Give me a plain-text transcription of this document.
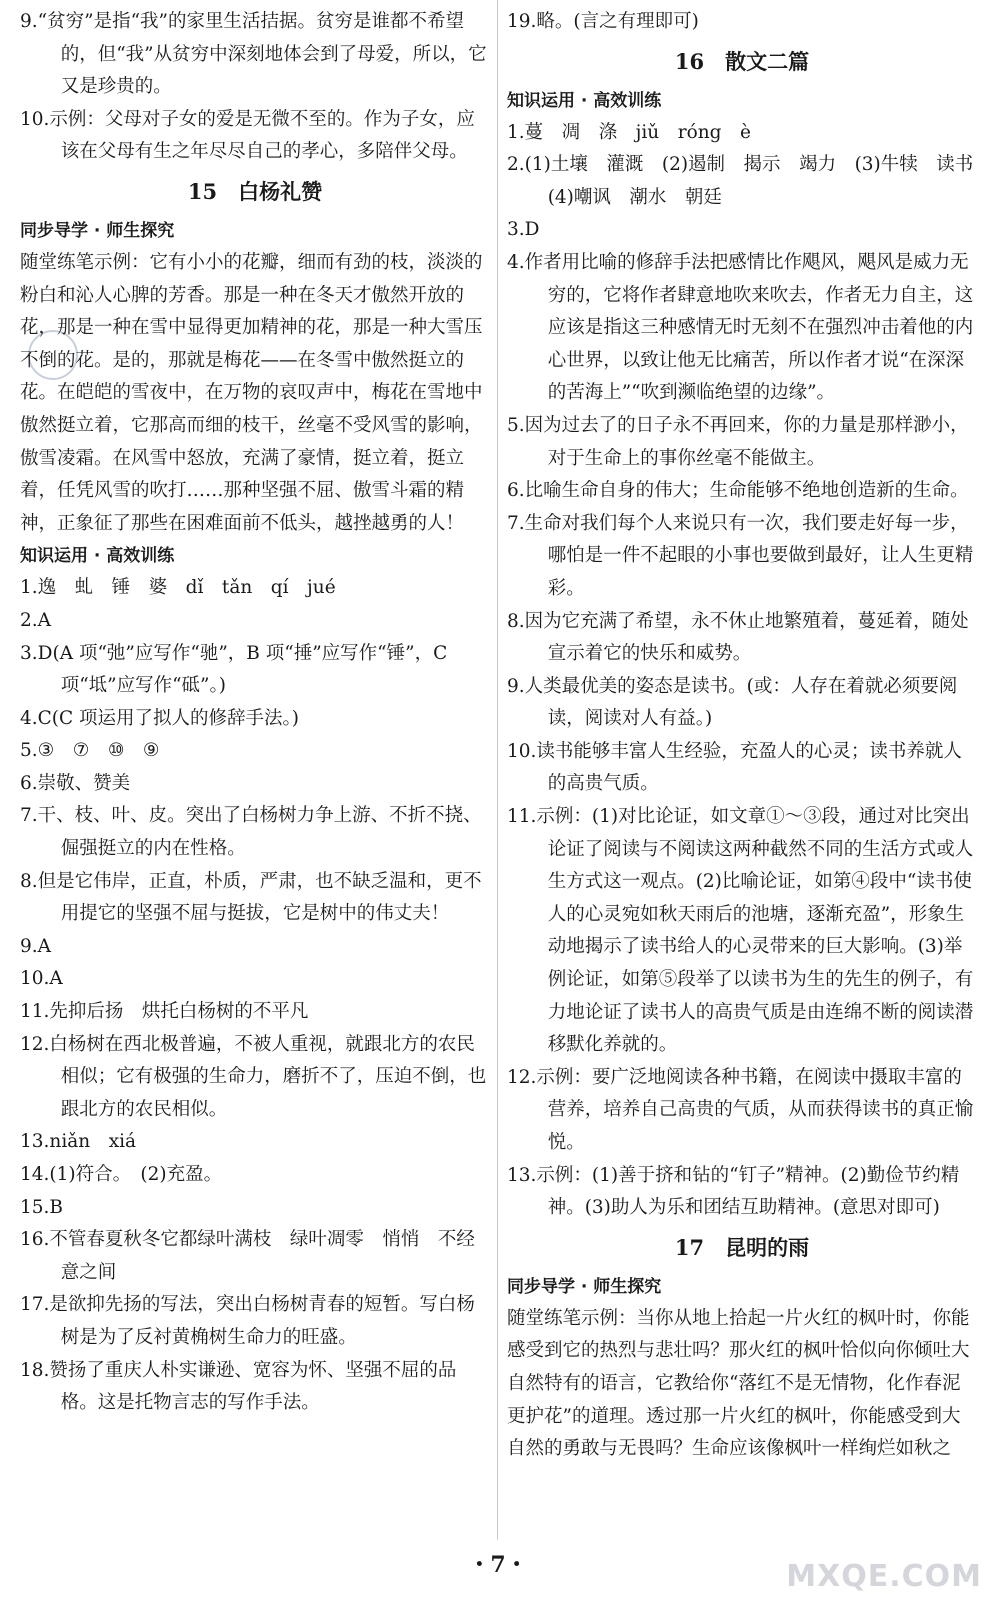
9.“贫穷”是指“我”的家里生活拮据。贫穷是谁都不希望的，但“我”从贫穷中深刻地体会到了母爱，所以，它又是珍贵的。

10.示例：父母对子女的爱是无微不至的。作为子女，应该在父母有生之年尽尽自己的孝心，多陪伴父母。

15　白杨礼赞

同步导学 · 师生探究

随堂练笔示例：它有小小的花瓣，细而有劲的枝，淡淡的粉白和沁人心脾的芳香。那是一种在冬天才傲然开放的花，那是一种在雪中显得更加精神的花，那是一种大雪压不倒的花。是的，那就是梅花——在冬雪中傲然挺立的花。在皑皑的雪夜中，在万物的哀叹声中，梅花在雪地中傲然挺立着，它那高而细的枝干，丝毫不受风雪的影响，傲雪凌霜。在风雪中怒放，充满了豪情，挺立着，挺立着，任凭风雪的吹打……那种坚强不屈、傲雪斗霜的精神，正象征了那些在困难面前不低头，越挫越勇的人！

知识运用 · 高效训练

1.逸　虬　锤　婆　dǐ　tǎn　qí　jué

2.A

3.D(A 项“弛”应写作“驰”，B 项“捶”应写作“锤”，C 项“坻”应写作“砥”。)

4.C(C 项运用了拟人的修辞手法。)

5.③　⑦　⑩　⑨

6.崇敬、赞美

7.干、枝、叶、皮。突出了白杨树力争上游、不折不挠、倔强挺立的内在性格。

8.但是它伟岸，正直，朴质，严肃，也不缺乏温和，更不用提它的坚强不屈与挺拔，它是树中的伟丈夫！

9.A

10.A

11.先抑后扬　烘托白杨树的不平凡

12.白杨树在西北极普遍，不被人重视，就跟北方的农民相似；它有极强的生命力，磨折不了，压迫不倒，也跟北方的农民相似。

13.niǎn　xiá

14.(1)符合。　(2)充盈。

15.B

16.不管春夏秋冬它都绿叶满枝　绿叶凋零　悄悄　不经意之间

17.是欲抑先扬的写法，突出白杨树青春的短暂。写白杨树是为了反衬黄桷树生命力的旺盛。

18.赞扬了重庆人朴实谦逊、宽容为怀、坚强不屈的品格。这是托物言志的写作手法。

19.略。(言之有理即可)

16　散文二篇

知识运用 · 高效训练

1.蔓　凋　涤　jiǔ　róng　è

2.(1)土壤　灌溉　(2)遏制　揭示　竭力　(3)牛犊　读书　(4)嘲讽　潮水　朝廷

3.D

4.作者用比喻的修辞手法把感情比作飓风，飓风是威力无穷的，它将作者肆意地吹来吹去，作者无力自主，这应该是指这三种感情无时无刻不在强烈冲击着他的内心世界，以致让他无比痛苦，所以作者才说“在深深的苦海上”“吹到濒临绝望的边缘”。

5.因为过去了的日子永不再回来，你的力量是那样渺小，对于生命上的事你丝毫不能做主。

6.比喻生命自身的伟大；生命能够不绝地创造新的生命。

7.生命对我们每个人来说只有一次，我们要走好每一步，哪怕是一件不起眼的小事也要做到最好，让人生更精彩。

8.因为它充满了希望，永不休止地繁殖着，蔓延着，随处宣示着它的快乐和威势。

9.人类最优美的姿态是读书。(或：人存在着就必须要阅读，阅读对人有益。)

10.读书能够丰富人生经验，充盈人的心灵；读书养就人的高贵气质。

11.示例：(1)对比论证，如文章①～③段，通过对比突出论证了阅读与不阅读这两种截然不同的生活方式或人生方式这一观点。(2)比喻论证，如第④段中“读书使人的心灵宛如秋天雨后的池塘，逐渐充盈”，形象生动地揭示了读书给人的心灵带来的巨大影响。(3)举例论证，如第⑤段举了以读书为生的先生的例子，有力地论证了读书人的高贵气质是由连绵不断的阅读潜移默化养就的。

12.示例：要广泛地阅读各种书籍，在阅读中摄取丰富的营养，培养自己高贵的气质，从而获得读书的真正愉悦。

13.示例：(1)善于挤和钻的“钉子”精神。(2)勤俭节约精神。(3)助人为乐和团结互助精神。(意思对即可)

17　昆明的雨

同步导学 · 师生探究

随堂练笔示例：当你从地上拾起一片火红的枫叶时，你能感受到它的热烈与悲壮吗？那火红的枫叶恰似向你倾吐大自然特有的语言，它教给你“落红不是无情物，化作春泥更护花”的道理。透过那一片火红的枫叶，你能感受到大自然的勇敢与无畏吗？生命应该像枫叶一样绚烂如秋之

・7・	MXQE.COM
